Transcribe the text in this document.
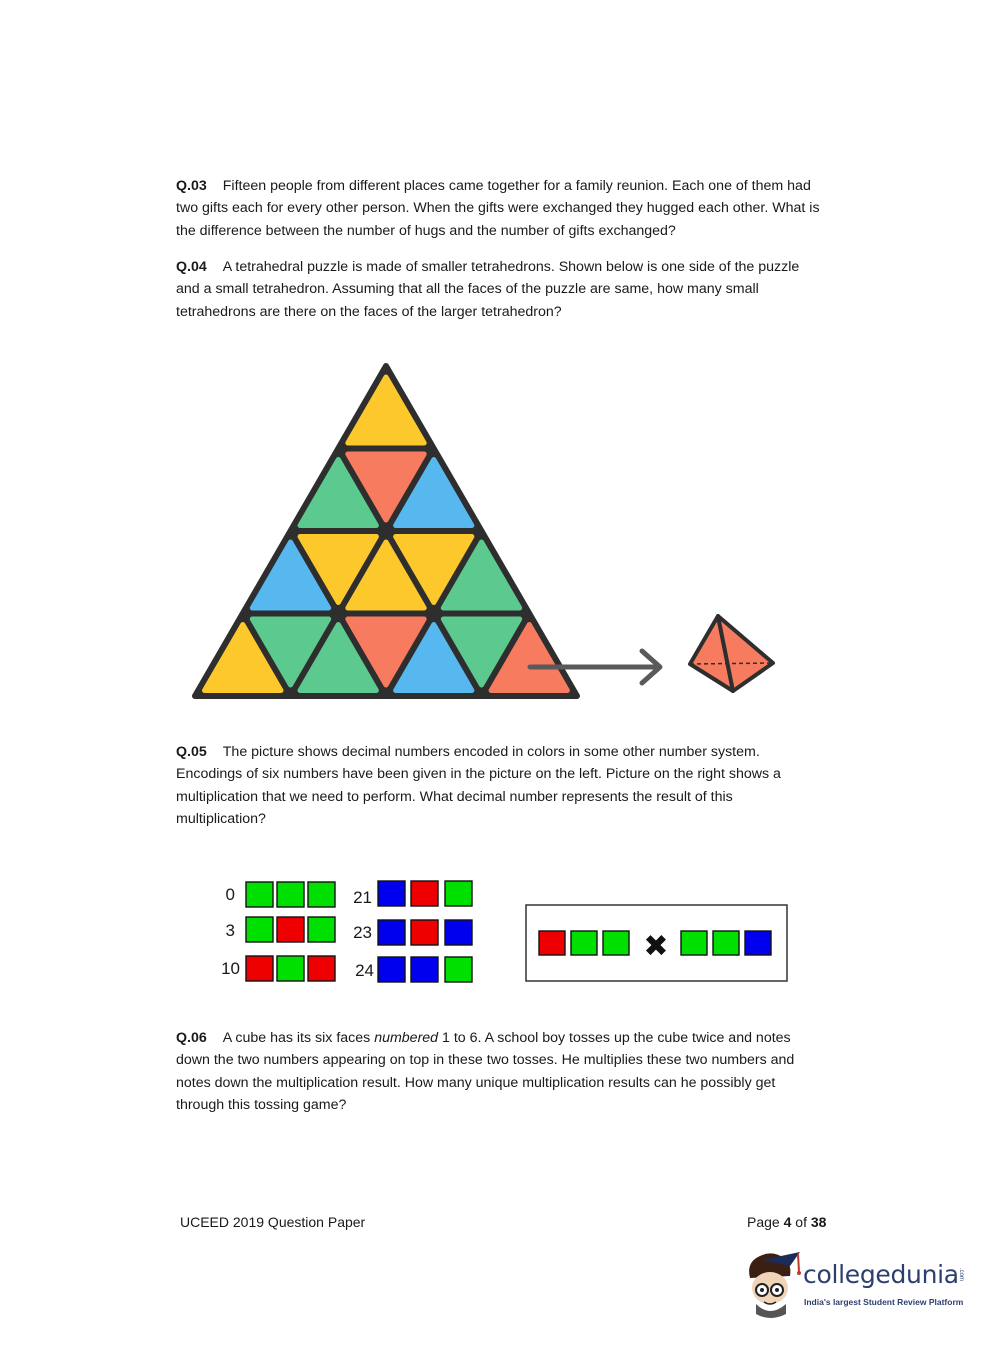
Q.03 Fifteen people from different places came together for a family reunion. Each one of them had two gifts each for every other person. When the gifts were exchanged they hugged each other. What is the difference between the number of hugs and the number of gifts exchanged?
Q.04 A tetrahedral puzzle is made of smaller tetrahedrons. Shown below is one side of the puzzle and a small tetrahedron. Assuming that all the faces of the puzzle are same, how many small tetrahedrons are there on the faces of the larger tetrahedron?
Q.05 The picture shows decimal numbers encoded in colors in some other number system. Encodings of six numbers have been given in the picture on the left. Picture on the right shows a multiplication that we need to perform. What decimal number represents the result of this multiplication?
0
3
10
21
23
24
✖
Q.06 A cube has its six faces numbered 1 to 6. A school boy tosses up the cube twice and notes down the two numbers appearing on top in these two tosses. He multiplies these two numbers and notes down the multiplication result. How many unique multiplication results can he possibly get through this tossing game?
UCEED 2019 Question Paper	Page 4 of 38
collegedunia .com
India's largest Student Review Platform
